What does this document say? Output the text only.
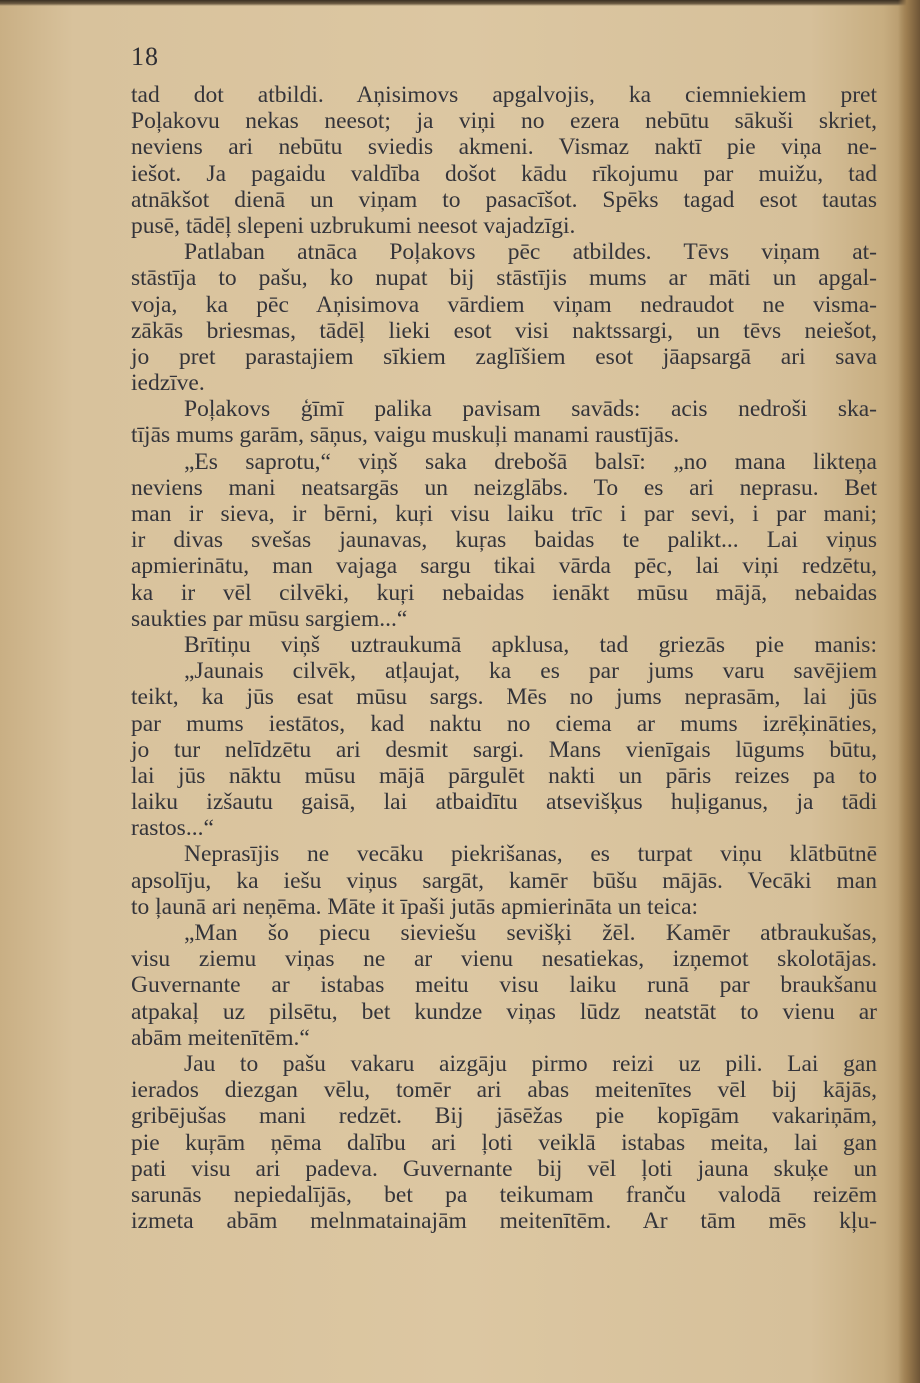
18
tad dot atbildi. Aņisimovs apgalvojis, ka ciemniekiem pret
Poļakovu nekas neesot; ja viņi no ezera nebūtu sākuši skriet,
neviens ari nebūtu sviedis akmeni. Vismaz naktī pie viņa ne-
iešot. Ja pagaidu valdība došot kādu rīkojumu par muižu, tad
atnākšot dienā un viņam to pasacīšot. Spēks tagad esot tautas
pusē, tādēļ slepeni uzbrukumi neesot vajadzīgi.
Patlaban atnāca Poļakovs pēc atbildes. Tēvs viņam at-
stāstīja to pašu, ko nupat bij stāstījis mums ar māti un apgal-
voja, ka pēc Aņisimova vārdiem viņam nedraudot ne visma-
zākās briesmas, tādēļ lieki esot visi naktssargi, un tēvs neiešot,
jo pret parastajiem sīkiem zaglīšiem esot jāapsargā ari sava
iedzīve.
Poļakovs ģīmī palika pavisam savāds: acis nedroši ska-
tījās mums garām, sāņus, vaigu muskuļi manami raustījās.
„Es saprotu,“ viņš saka drebošā balsī: „no mana likteņa
neviens mani neatsargās un neizglābs. To es ari neprasu. Bet
man ir sieva, ir bērni, kuŗi visu laiku trīc i par sevi, i par mani;
ir divas svešas jaunavas, kuŗas baidas te palikt... Lai viņus
apmierinātu, man vajaga sargu tikai vārda pēc, lai viņi redzētu,
ka ir vēl cilvēki, kuŗi nebaidas ienākt mūsu mājā, nebaidas
saukties par mūsu sargiem...“
Brītiņu viņš uztraukumā apklusa, tad griezās pie manis:
„Jaunais cilvēk, atļaujat, ka es par jums varu savējiem
teikt, ka jūs esat mūsu sargs. Mēs no jums neprasām, lai jūs
par mums iestātos, kad naktu no ciema ar mums izrēķināties,
jo tur nelīdzētu ari desmit sargi. Mans vienīgais lūgums būtu,
lai jūs nāktu mūsu mājā pārgulēt nakti un pāris reizes pa to
laiku izšautu gaisā, lai atbaidītu atsevišķus huļiganus, ja tādi
rastos...“
Neprasījis ne vecāku piekrišanas, es turpat viņu klātbūtnē
apsolīju, ka iešu viņus sargāt, kamēr būšu mājās. Vecāki man
to ļaunā ari neņēma. Māte it īpaši jutās apmierināta un teica:
„Man šo piecu sieviešu sevišķi žēl. Kamēr atbraukušas,
visu ziemu viņas ne ar vienu nesatiekas, izņemot skolotājas.
Guvernante ar istabas meitu visu laiku runā par braukšanu
atpakaļ uz pilsētu, bet kundze viņas lūdz neatstāt to vienu ar
abām meitenītēm.“
Jau to pašu vakaru aizgāju pirmo reizi uz pili. Lai gan
ierados diezgan vēlu, tomēr ari abas meitenītes vēl bij kājās,
gribējušas mani redzēt. Bij jāsēžas pie kopīgām vakariņām,
pie kuŗām ņēma dalību ari ļoti veiklā istabas meita, lai gan
pati visu ari padeva. Guvernante bij vēl ļoti jauna skuķe un
sarunās nepiedalījās, bet pa teikumam franču valodā reizēm
izmeta abām melnmatainajām meitenītēm. Ar tām mēs kļu-
